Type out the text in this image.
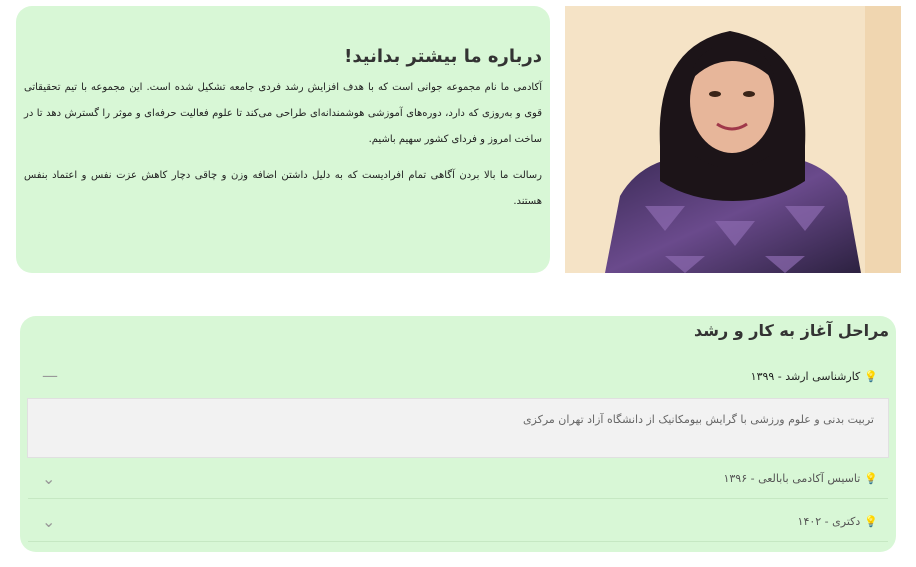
درباره ما بیشتر بدانید!

آکادمی ما نام مجموعه جوانی است که با هدف افزایش رشد فردی جامعه تشکیل شده است. این مجموعه با تیم تحقیقاتی قوی و به‌روزی که دارد، دوره‌های آموزشی هوشمندانه‌ای طراحی می‌کند تا علوم فعالیت حرفه‌ای و موثر را گسترش دهد تا در ساخت امروز و فردای کشور سهیم باشیم.

رسالت ما بالا بردن آگاهی تمام افرادیست که به دلیل داشتن اضافه وزن و چاقی دچار کاهش عزت نفس و اعتماد بنفس هستند.

مراحل آغاز به کار و رشد
💡
کارشناسی ارشد - ۱۳۹۹
—
تربیت بدنی و علوم ورزشی با گرایش بیومکانیک از دانشگاه آزاد تهران مرکزی
💡
تاسیس آکادمی بابالعی - ۱۳۹۶
⌄
💡
دکتری - ۱۴۰۲
⌄
